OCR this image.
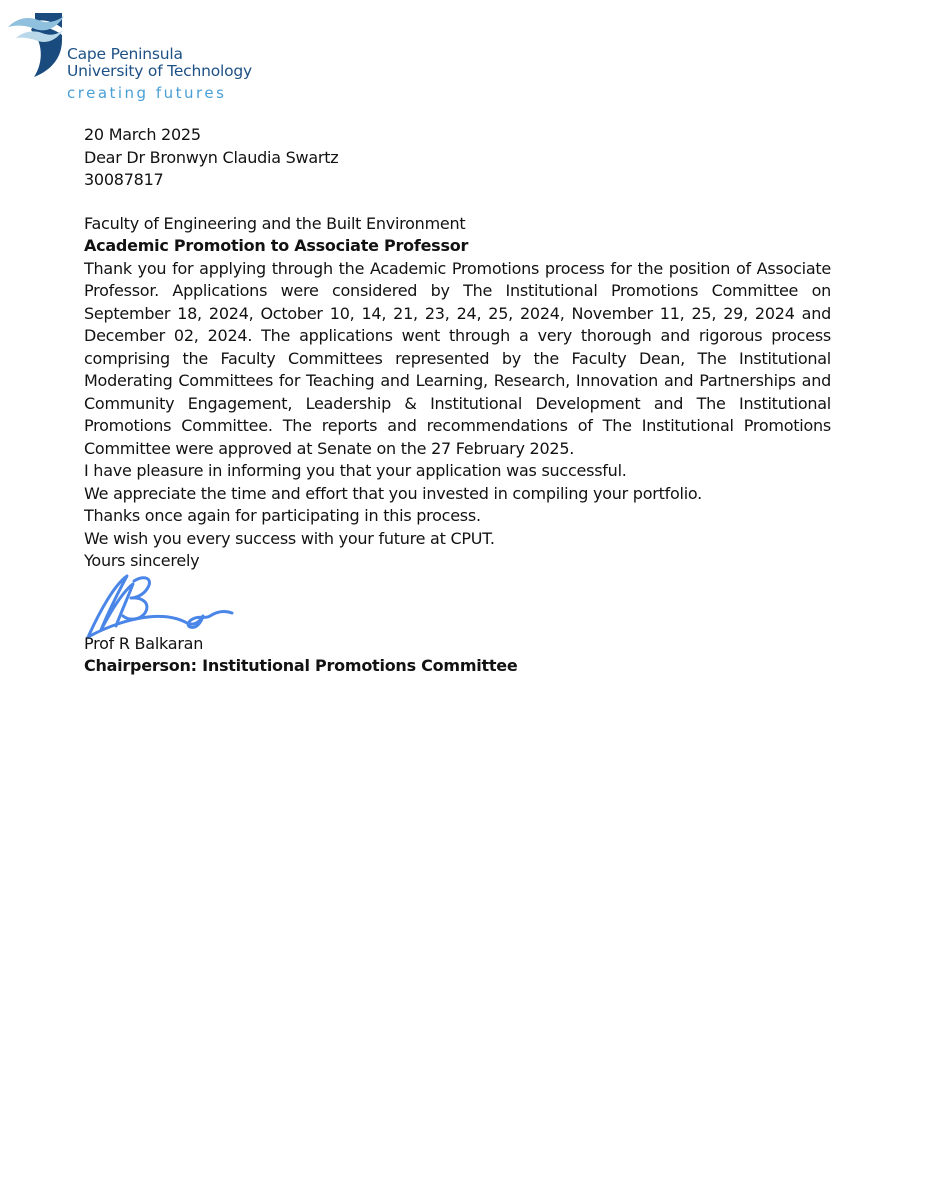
Cape Peninsula
University of Technology
creating futures

20 March 2025

Dear Dr Bronwyn Claudia Swartz

30087817

Faculty of Engineering and the Built Environment

Academic Promotion to Associate Professor

Thank you for applying through the Academic Promotions process for the position of Associate Professor. Applications were considered by The Institutional Promotions Committee on September 18, 2024, October 10, 14, 21, 23, 24, 25, 2024, November 11, 25, 29, 2024 and December 02, 2024. The applications went through a very thorough and rigorous process comprising the Faculty Committees represented by the Faculty Dean, The Institutional Moderating Committees for Teaching and Learning, Research, Innovation and Partnerships and Community Engagement, Leadership & Institutional Development and The Institutional Promotions Committee. The reports and recommendations of The Institutional Promotions Committee were approved at Senate on the 27 February 2025.

I have pleasure in informing you that your application was successful.

We appreciate the time and effort that you invested in compiling your portfolio.

Thanks once again for participating in this process.

We wish you every success with your future at CPUT.

Yours sincerely

Prof R Balkaran

Chairperson: Institutional Promotions Committee
